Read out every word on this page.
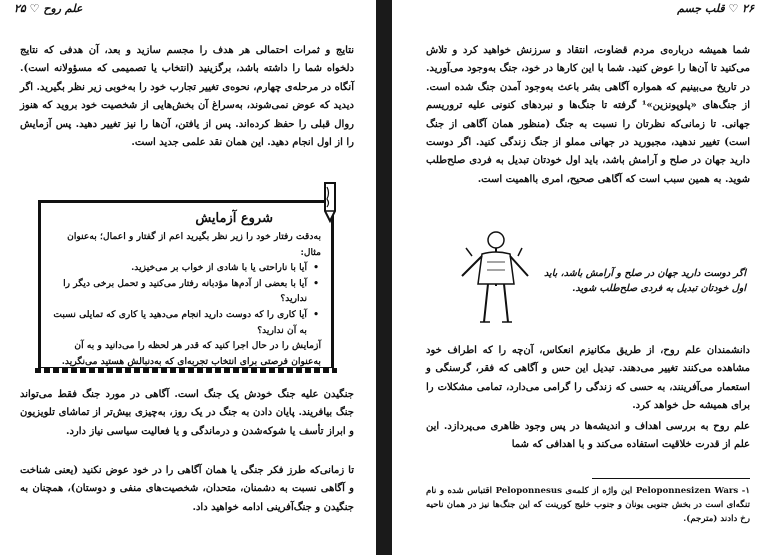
علم روح ♡ ۲۵

نتایج و ثمرات احتمالی هر هدف را مجسم سازید و بعد، آن هدفی که نتایج دلخواه شما را داشته باشد، برگزینید (انتخاب یا تصمیمی که مسؤولانه است). آنگاه در مرحله‌ی چهارم، نحوه‌ی تغییر تجارب خود را به‌خوبی زیر نظر بگیرید. اگر دیدید که عوض نمی‌شوند، به‌سراغ آن بخش‌هایی از شخصیت خود بروید که هنوز روال قبلی را حفظ کرده‌اند. پس از یافتن، آن‌ها را نیز تغییر دهید. پس آزمایش را از اول انجام دهید. این همان نقد علمی جدید است.

شروع آزمایش

به‌دقت رفتار خود را زیر نظر بگیرید اعم از گفتار و اعمال؛ به‌عنوان مثال:

• آیا با ناراحتی یا با شادی از خواب بر می‌خیزید.
• آیا با بعضی از آدم‌ها مؤدبانه رفتار می‌کنید و تحمل برخی دیگر را ندارید؟
• آیا کاری را که دوست دارید انجام می‌دهید یا کاری که تمایلی نسبت به آن ندارید؟

آزمایش را در حال اجرا کنید که قدر هر لحظه را می‌دانید و به آن به‌عنوان فرصتی برای انتخاب تجربه‌ای که به‌دنبالش هستید می‌نگرید.

جنگیدن علیه جنگ خودش یک جنگ است. آگاهی در مورد جنگ فقط می‌تواند جنگ بیافریند. پایان دادن به جنگ در یک روز، به‌چیزی بیش‌تر از تماشای تلویزیون و ابراز تأسف یا شوکه‌شدن و درماندگی و یا فعالیت سیاسی نیاز دارد.

تا زمانی‌که طرز فکر جنگی یا همان آگاهی را در خود عوض نکنید (یعنی شناخت و آگاهی نسبت به دشمنان، متحدان، شخصیت‌های منفی و دوستان)، همچنان به جنگیدن و جنگ‌آفرینی ادامه خواهید داد.

۲۶ ♡ قلب جسم

شما همیشه درباره‌ی مردم قضاوت، انتقاد و سرزنش خواهید کرد و تلاش می‌کنید تا آن‌ها را عوض کنید. شما با این کارها در خود، جنگ به‌وجود می‌آورید. در تاریخ می‌بینیم که همواره آگاهی بشر باعث به‌وجود آمدن جنگ شده است. از جنگ‌های «پلوپونزین»¹ گرفته تا جنگ‌ها و نبردهای کنونی علیه تروریسم جهانی. تا زمانی‌که نظرتان را نسبت به جنگ (منظور همان آگاهی از جنگ است) تغییر ندهید، مجبورید در جهانی مملو از جنگ زندگی کنید. اگر دوست دارید جهان در صلح و آرامش باشد، باید اول خودتان تبدیل به فردی صلح‌طلب شوید. به همین سبب است که آگاهی صحیح، امری بااهمیت است.

اگر دوست دارید جهان در صلح و آرامش باشد، باید اول خودتان تبدیل به فردی صلح‌طلب شوید.

دانشمندان علم روح، از طریق مکانیزم انعکاس، آن‌چه را که اطراف خود مشاهده می‌کنند تغییر می‌دهند. تبدیل این حس و آگاهی که فقر، گرسنگی و استعمار می‌آفرینند، به حسی که زندگی را گرامی می‌دارد، تمامی مشکلات را برای همیشه حل خواهد کرد.

علم روح به بررسی اهداف و اندیشه‌ها در پس وجود ظاهری می‌پردازد. این علم از قدرت خلاقیت استفاده می‌کند و با اهدافی که شما

۱- Peloponnesizen Wars این واژه از کلمه‌ی Peloponnesus اقتباس شده و نام تنگه‌ای است در بخش جنوبی یونان و جنوب خلیج کورینت که این جنگ‌ها نیز در همان ناحیه رخ دادند (مترجم).
